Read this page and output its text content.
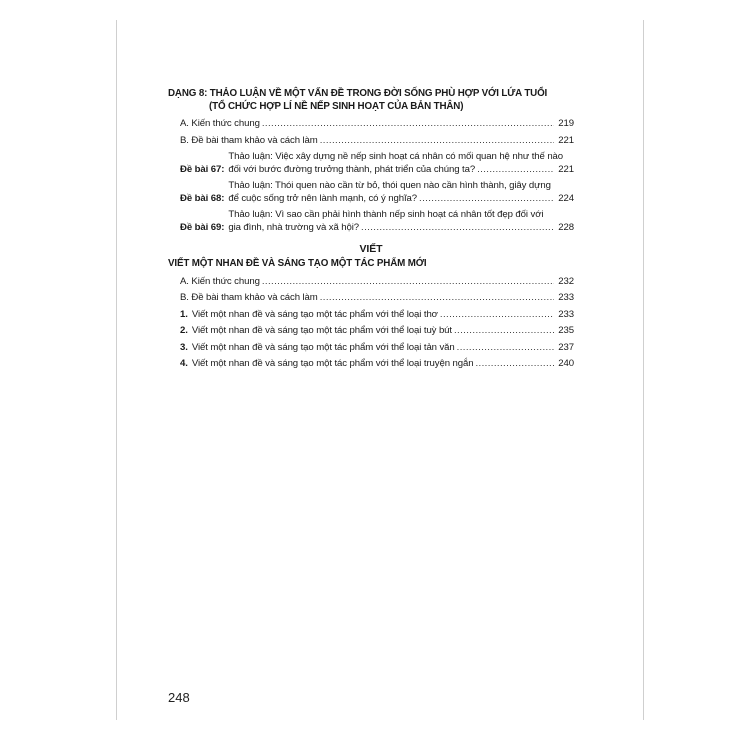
DẠNG 8: THẢO LUẬN VỀ MỘT VẤN ĐỀ TRONG ĐỜI SỐNG PHÙ HỢP VỚI LỨA TUỔI
(TỔ CHỨC HỢP LÍ NỀ NẾP SINH HOẠT CỦA BẢN THÂN)
A. Kiến thức chung .....	219
B. Đề bài tham khảo và cách làm .....	221
Đề bài 67:
Thảo luận: Việc xây dựng nề nếp sinh hoạt cá nhân có mối quan hệ như thế nào
đối với bước đường trưởng thành, phát triển của chúng ta? .....	221
Đề bài 68:
Thảo luận: Thói quen nào cần từ bỏ, thói quen nào cần hình thành, giây dựng
để cuộc sống trở nên lành mạnh, có ý nghĩa? .....	224
Đề bài 69:
Thảo luận: Vì sao cần phải hình thành nếp sinh hoạt cá nhân tốt đẹp đối với
gia đình, nhà trường và xã hội? .....	228
VIẾT
VIẾT MỘT NHAN ĐỀ VÀ SÁNG TẠO MỘT TÁC PHẨM MỚI
A. Kiến thức chung .....	232
B. Đề bài tham khảo và cách làm .....	233
1. Viết một nhan đề và sáng tạo một tác phẩm với thể loại thơ .....	233
2. Viết một nhan đề và sáng tạo một tác phẩm với thể loại tuỳ bút .....	235
3. Viết một nhan đề và sáng tạo một tác phẩm với thể loại tản văn .....	237
4. Viết một nhan đề và sáng tạo một tác phẩm với thể loại truyện ngắn .....	240
248
